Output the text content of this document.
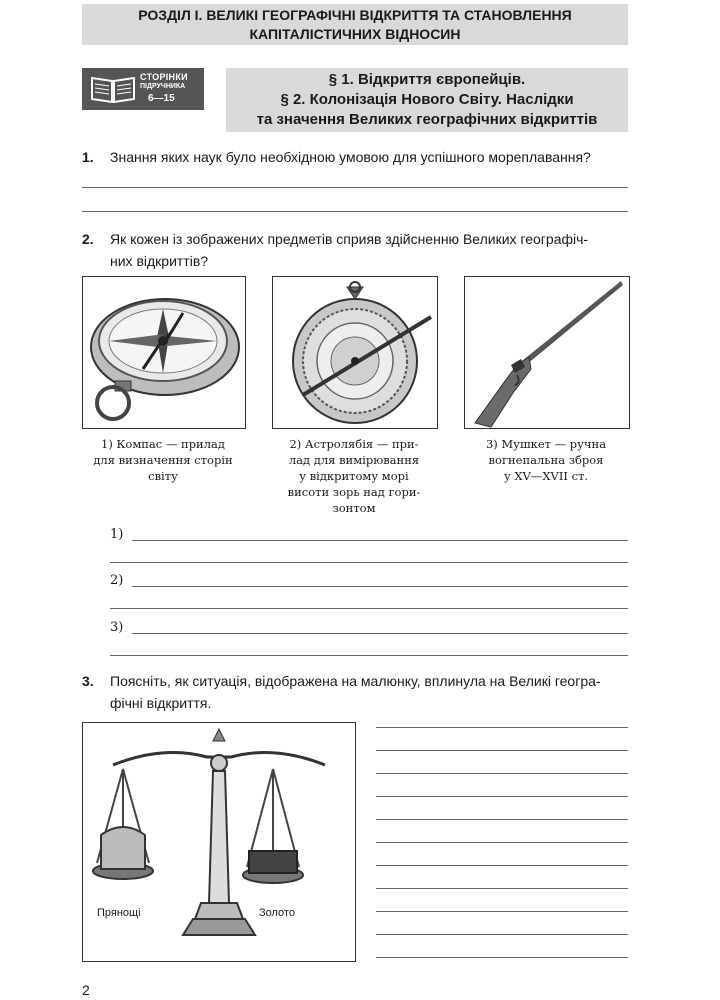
РОЗДІЛ І. ВЕЛИКІ ГЕОГРАФІЧНІ ВІДКРИТТЯ ТА СТАНОВЛЕННЯ
КАПІТАЛІСТИЧНИХ ВІДНОСИН
СТОРІНКИ
ПІДРУЧНИКА
6—15
§ 1. Відкриття європейців.
§ 2. Колонізація Нового Світу. Наслідки
та значення Великих географічних відкриттів
1. Знання яких наук було необхідною умовою для успішного мореплавання?
2. Як кожен із зображених предметів сприяв здійсненню Великих географіч-
них відкриттів?
1) Компас — прилад
для визначення сторін
світу
2) Астролябія — при-
лад для вимірювання
у відкритому морі
висоти зорь над гори-
зонтом
3) Мушкет — ручна
вогнепальна зброя
у XV—XVII ст.
1)
2)
3)
3. Поясніть, як ситуація, відображена на малюнку, вплинула на Великі геогра-
фічні відкриття.
Прянощі	Золото
2
